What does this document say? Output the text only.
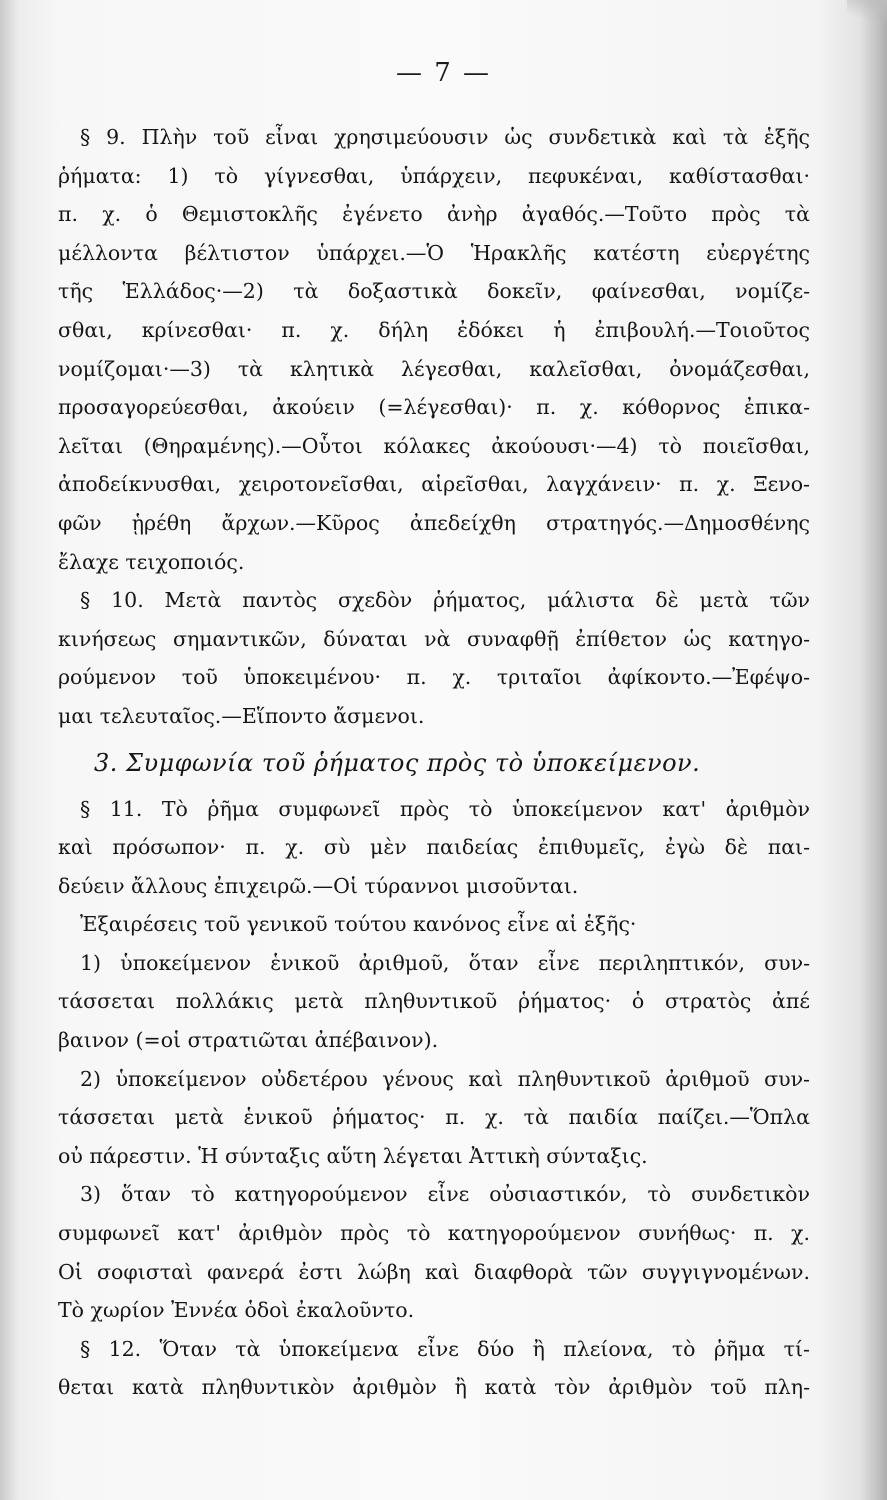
— 7 —
§ 9. Πλὴν τοῦ εἶναι χρησιμεύουσιν ὡς συνδετικὰ καὶ τὰ ἑξῆς
ῥήματα: 1) τὸ γίγνεσθαι, ὑπάρχειν, πεφυκέναι, καθίστασθαι·
π. χ. ὁ Θεμιστοκλῆς ἐγένετο ἀνὴρ ἀγαθός.—Τοῦτο πρὸς τὰ
μέλλοντα βέλτιστον ὑπάρχει.—Ὁ Ἡρακλῆς κατέστη εὐεργέτης
τῆς Ἑλλάδος·—2) τὰ δοξαστικὰ δοκεῖν, φαίνεσθαι, νομίζε-
σθαι, κρίνεσθαι· π. χ. δήλη ἐδόκει ἡ ἐπιβουλή.—Τοιοῦτος
νομίζομαι·—3) τὰ κλητικὰ λέγεσθαι, καλεῖσθαι, ὀνομάζεσθαι,
προσαγορεύεσθαι, ἀκούειν (=λέγεσθαι)· π. χ. κόθορνος ἐπικα-
λεῖται (Θηραμένης).—Οὗτοι κόλακες ἀκούουσι·—4) τὸ ποιεῖσθαι,
ἀποδείκνυσθαι, χειροτονεῖσθαι, αἱρεῖσθαι, λαγχάνειν· π. χ. Ξενο-
φῶν ᾑρέθη ἄρχων.—Κῦρος ἀπεδείχθη στρατηγός.—Δημοσθένης
ἔλαχε τειχοποιός.
§ 10. Μετὰ παντὸς σχεδὸν ῥήματος, μάλιστα δὲ μετὰ τῶν
κινήσεως σημαντικῶν, δύναται νὰ συναφθῇ ἐπίθετον ὡς κατηγο-
ρούμενον τοῦ ὑποκειμένου· π. χ. τριταῖοι ἀφίκοντο.—Ἐφέψο-
μαι τελευταῖος.—Εἵποντο ἄσμενοι.
3. Συμφωνία τοῦ ῥήματος πρὸς τὸ ὑποκείμενον.
§ 11. Τὸ ῥῆμα συμφωνεῖ πρὸς τὸ ὑποκείμενον κατ' ἀριθμὸν
καὶ πρόσωπον· π. χ. σὺ μὲν παιδείας ἐπιθυμεῖς, ἐγὼ δὲ παι-
δεύειν ἄλλους ἐπιχειρῶ.—Οἱ τύραννοι μισοῦνται.
Ἐξαιρέσεις τοῦ γενικοῦ τούτου κανόνος εἶνε αἱ ἑξῆς·
1) ὑποκείμενον ἑνικοῦ ἀριθμοῦ, ὅταν εἶνε περιληπτικόν, συν-
τάσσεται πολλάκις μετὰ πληθυντικοῦ ῥήματος· ὁ στρατὸς ἀπέ
βαινον (=οἱ στρατιῶται ἀπέβαινον).
2) ὑποκείμενον οὐδετέρου γένους καὶ πληθυντικοῦ ἀριθμοῦ συν-
τάσσεται μετὰ ἑνικοῦ ῥήματος· π. χ. τὰ παιδία παίζει.—Ὅπλα
οὐ πάρεστιν. Ἡ σύνταξις αὕτη λέγεται Ἀττικὴ σύνταξις.
3) ὅταν τὸ κατηγορούμενον εἶνε οὐσιαστικόν, τὸ συνδετικὸν
συμφωνεῖ κατ' ἀριθμὸν πρὸς τὸ κατηγορούμενον συνήθως· π. χ.
Οἱ σοφισταὶ φανερά ἐστι λώβη καὶ διαφθορὰ τῶν συγγιγνομένων.
Τὸ χωρίον Ἐννέα ὁδοὶ ἐκαλοῦντο.
§ 12. Ὅταν τὰ ὑποκείμενα εἶνε δύο ἢ πλείονα, τὸ ῥῆμα τί-
θεται κατὰ πληθυντικὸν ἀριθμὸν ἢ κατὰ τὸν ἀριθμὸν τοῦ πλη-
